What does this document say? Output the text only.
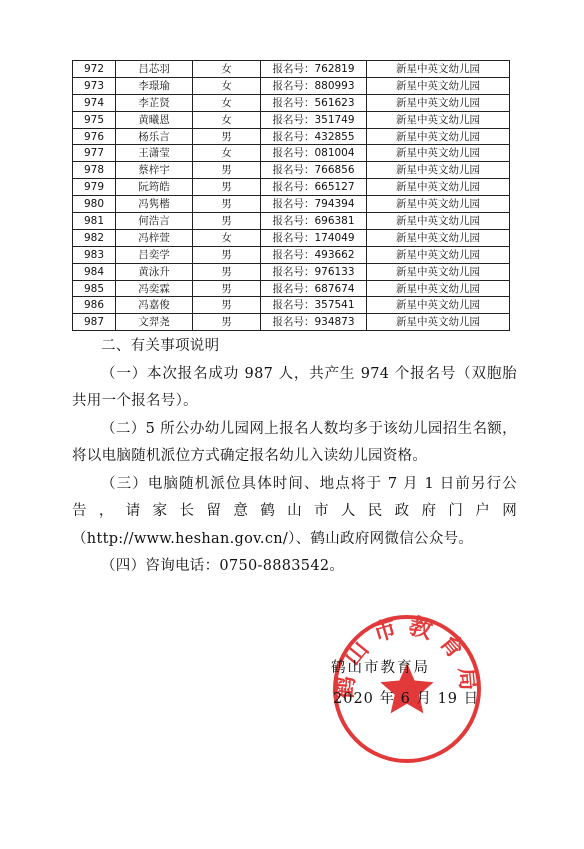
972	吕芯羽	女	报名号：762819	新星中英文幼儿园
973	李璟瑜	女	报名号：880993	新星中英文幼儿园
974	李芷贤	女	报名号：561623	新星中英文幼儿园
975	黄曦恩	女	报名号：351749	新星中英文幼儿园
976	杨乐言	男	报名号：432855	新星中英文幼儿园
977	王潇莹	女	报名号：081004	新星中英文幼儿园
978	蔡梓宇	男	报名号：766856	新星中英文幼儿园
979	阮筠皓	男	报名号：665127	新星中英文幼儿园
980	冯隽楷	男	报名号：794394	新星中英文幼儿园
981	何浩言	男	报名号：696381	新星中英文幼儿园
982	冯梓萱	女	报名号：174049	新星中英文幼儿园
983	吕奕学	男	报名号：493662	新星中英文幼儿园
984	黄泳升	男	报名号：976133	新星中英文幼儿园
985	冯奕霖	男	报名号：687674	新星中英文幼儿园
986	冯嘉俊	男	报名号：357541	新星中英文幼儿园
987	文羿尧	男	报名号：934873	新星中英文幼儿园

二、有关事项说明

（一）本次报名成功 987 人，共产生 974 个报名号（双胞胎共用一个报名号）。

（二）5 所公办幼儿园网上报名人数均多于该幼儿园招生名额，将以电脑随机派位方式确定报名幼儿入读幼儿园资格。

（三）电脑随机派位具体时间、地点将于 7 月 1 日前另行公告，请家长留意鹤山市人民政府门户网（http://www.heshan.gov.cn/）、鹤山政府网微信公众号。

（四）咨询电话：0750-8883542。

鹤山市教育局
鹤山市教育局
2020 年 6 月 19 日
